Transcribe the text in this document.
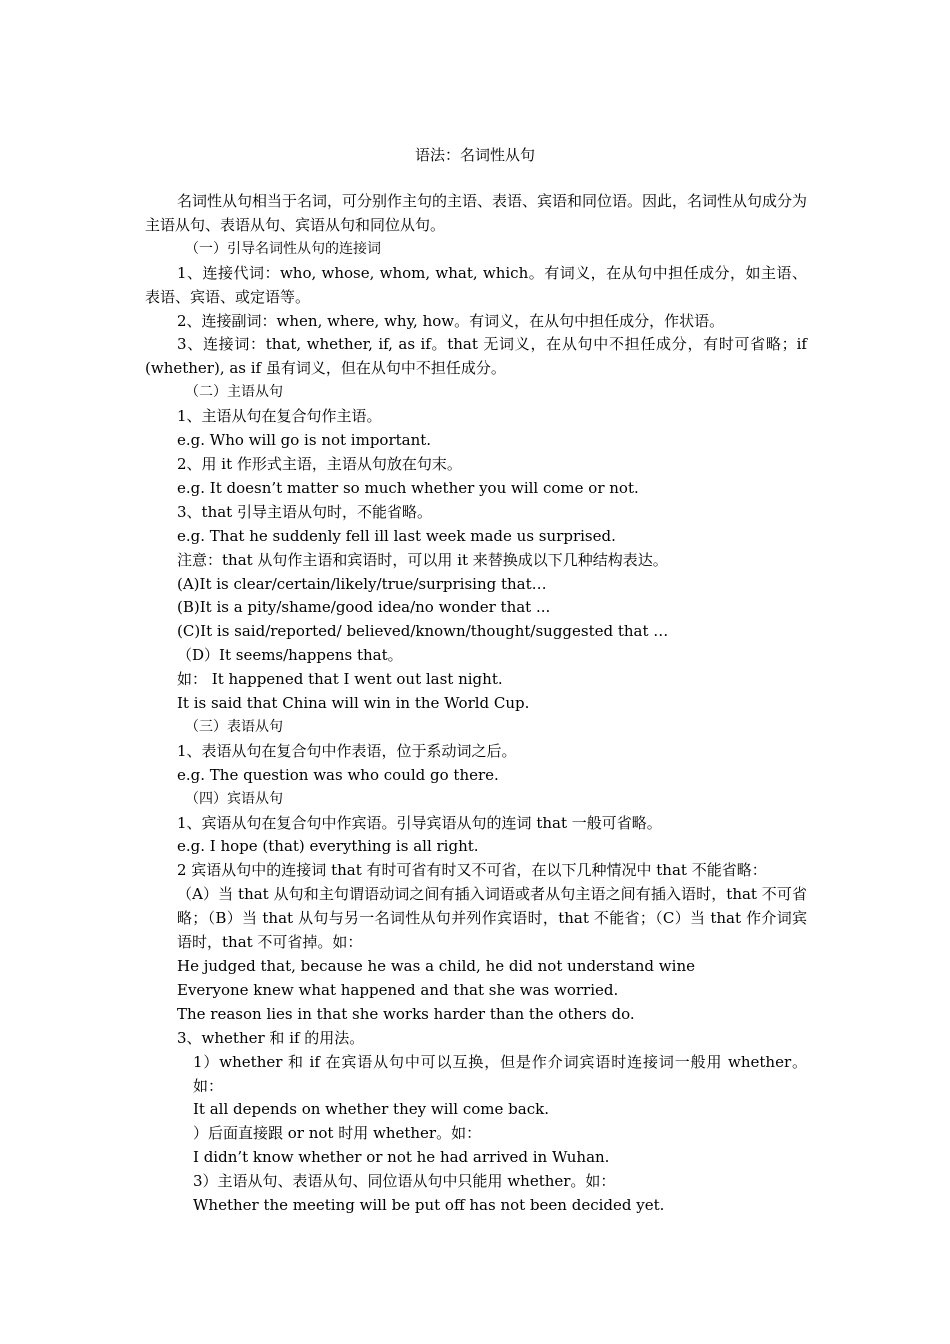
语法：名词性从句

名词性从句相当于名词，可分别作主句的主语、表语、宾语和同位语。因此，名词性从句成分为主语从句、表语从句、宾语从句和同位从句。

（一）引导名词性从句的连接词

1、连接代词：who, whose, whom, what, which。有词义，在从句中担任成分，如主语、表语、宾语、或定语等。

2、连接副词：when, where, why, how。有词义，在从句中担任成分，作状语。

3、连接词：that, whether, if, as if。that 无词义，在从句中不担任成分，有时可省略；if (whether), as if 虽有词义，但在从句中不担任成分。

（二）主语从句

1、主语从句在复合句作主语。

e.g. Who will go is not important.

2、用 it 作形式主语，主语从句放在句末。

e.g. It doesn’t matter so much whether you will come or not.

3、that 引导主语从句时，不能省略。

e.g. That he suddenly fell ill last week made us surprised.

注意：that 从句作主语和宾语时，可以用 it 来替换成以下几种结构表达。

(A)It is clear/certain/likely/true/surprising that…

(B)It is a pity/shame/good idea/no wonder that ...

(C)It is said/reported/ believed/known/thought/suggested that …

（D）It seems/happens that。

如： It happened that I went out last night.

It is said that China will win in the World Cup.

（三）表语从句

1、表语从句在复合句中作表语，位于系动词之后。

e.g. The question was who could go there.

（四）宾语从句

1、宾语从句在复合句中作宾语。引导宾语从句的连词 that 一般可省略。

e.g. I hope (that) everything is all right.

2 宾语从句中的连接词 that 有时可省有时又不可省，在以下几种情况中 that 不能省略：

（A）当 that 从句和主句谓语动词之间有插入词语或者从句主语之间有插入语时，that 不可省略；（B）当 that 从句与另一名词性从句并列作宾语时，that 不能省；（C）当 that 作介词宾语时，that 不可省掉。如：

He judged that, because he was a child, he did not understand wine

Everyone knew what happened and that she was worried.

The reason lies in that she works harder than the others do.

3、whether 和 if 的用法。

1）whether 和 if 在宾语从句中可以互换，但是作介词宾语时连接词一般用 whether。如：

It all depends on whether they will come back.

）后面直接跟 or not 时用 whether。如：

I didn’t know whether or not he had arrived in Wuhan.

3）主语从句、表语从句、同位语从句中只能用 whether。如：

Whether the meeting will be put off has not been decided yet.
